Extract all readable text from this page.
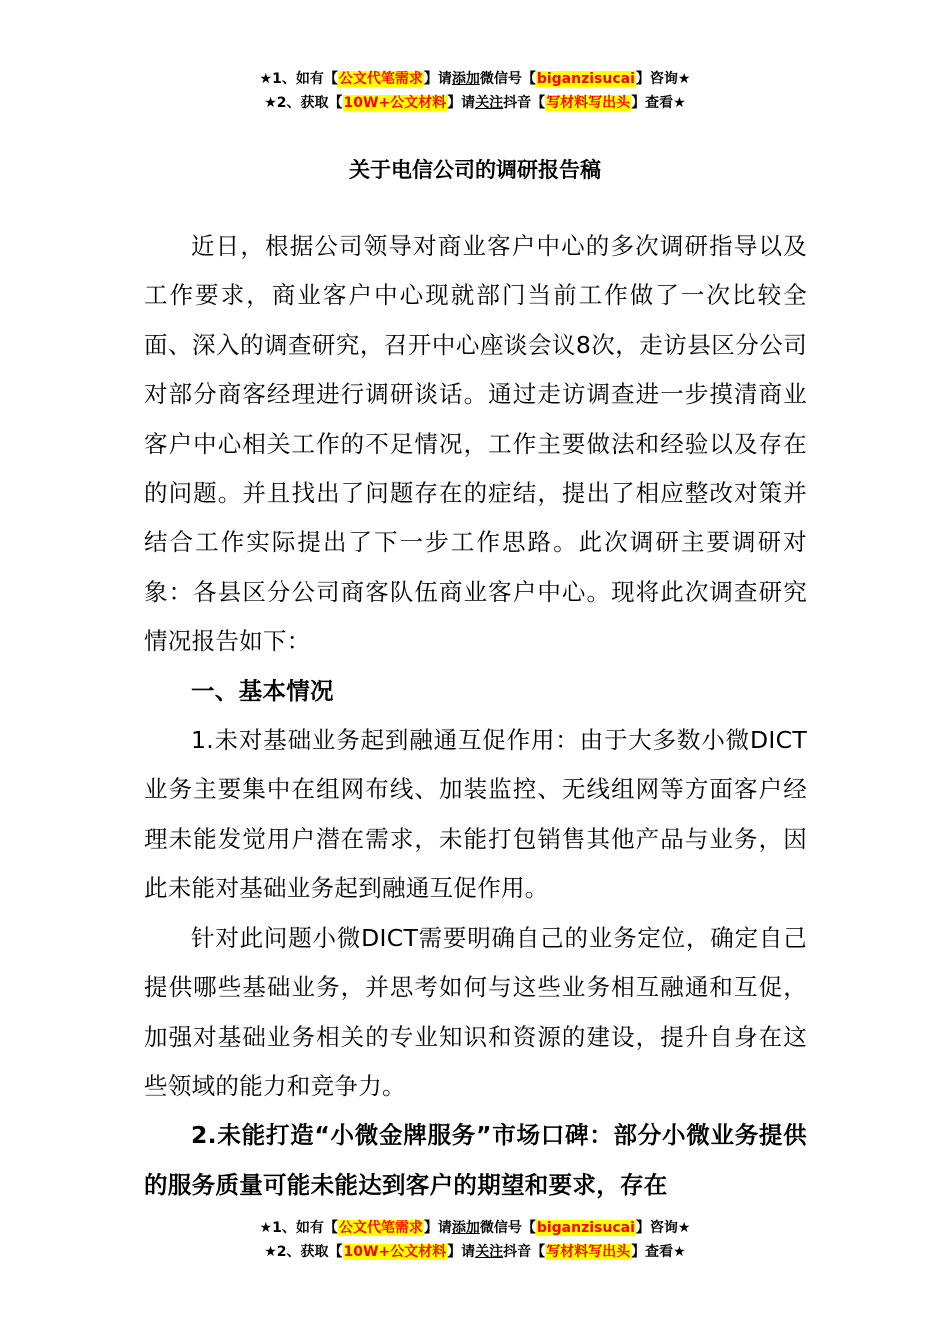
★1、如有【公文代笔需求】请添加微信号【biganzisucai】咨询★
★2、获取【10W+公文材料】请关注抖音【写材料写出头】查看★
关于电信公司的调研报告稿

近日，根据公司领导对商业客户中心的多次调研指导以及工作要求，商业客户中心现就部门当前工作做了一次比较全面、深入的调查研究，召开中心座谈会议8次，走访县区分公司对部分商客经理进行调研谈话。通过走访调查进一步摸清商业客户中心相关工作的不足情况，工作主要做法和经验以及存在的问题。并且找出了问题存在的症结，提出了相应整改对策并结合工作实际提出了下一步工作思路。此次调研主要调研对象：各县区分公司商客队伍商业客户中心。现将此次调查研究情况报告如下：

一、基本情况

1.未对基础业务起到融通互促作用：由于大多数小微DICT业务主要集中在组网布线、加装监控、无线组网等方面客户经理未能发觉用户潜在需求，未能打包销售其他产品与业务，因此未能对基础业务起到融通互促作用。

针对此问题小微DICT需要明确自己的业务定位，确定自己提供哪些基础业务，并思考如何与这些业务相互融通和互促，加强对基础业务相关的专业知识和资源的建设，提升自身在这些领域的能力和竞争力。

2.未能打造“小微金牌服务”市场口碑：部分小微业务提供的服务质量可能未能达到客户的期望和要求，存在

★1、如有【公文代笔需求】请添加微信号【biganzisucai】咨询★
★2、获取【10W+公文材料】请关注抖音【写材料写出头】查看★
